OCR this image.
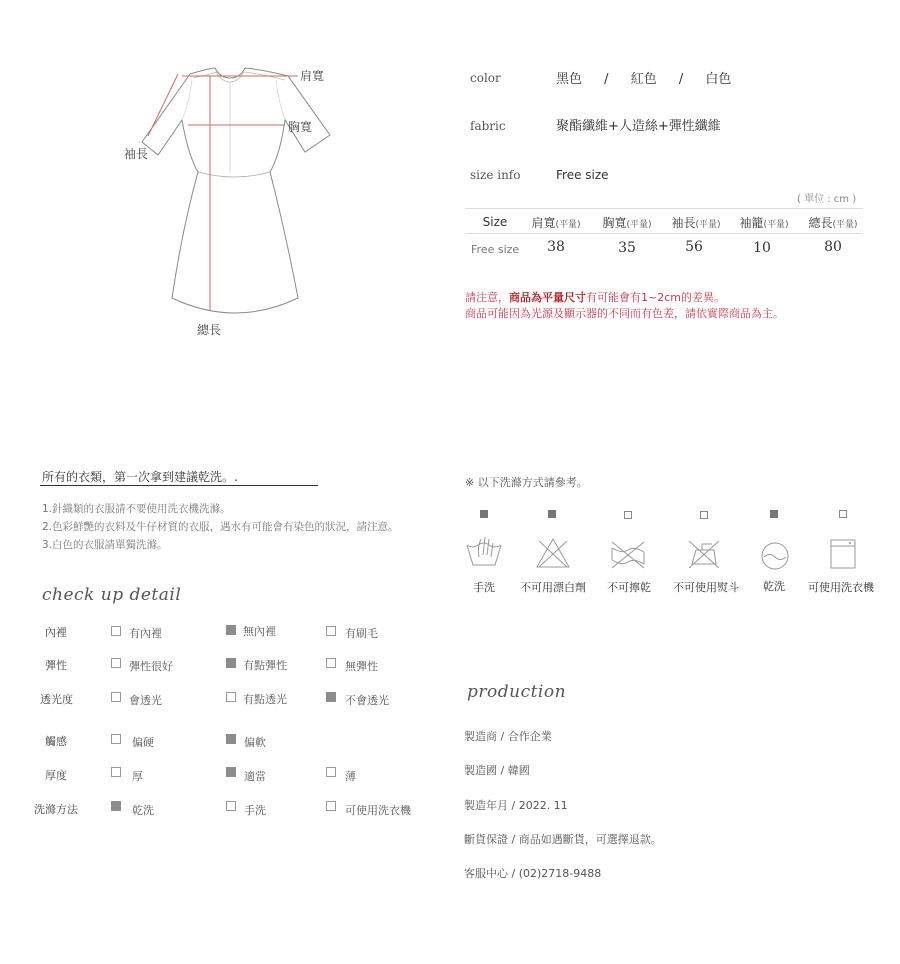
肩寬
胸寬
袖長
總長
color	黑色 / 紅色 / 白色
fabric	聚酯纖維+人造絲+彈性纖維
size info	Free size
( 單位 : cm )
Size	肩寬(平量)	胸寬(平量)	袖長(平量)	袖籠(平量)	總長(平量)
Free size	38	35	56	10	80
請注意，商品為平量尺寸有可能會有1~2cm的差異。
商品可能因為光源及顯示器的不同而有色差，請依實際商品為主。
所有的衣類，第一次拿到建議乾洗。.
1.針織類的衣服請不要使用洗衣機洗滌。
2.色彩鮮艷的衣料及牛仔材質的衣服，遇水有可能會有染色的狀況，請注意。
3.白色的衣服請單獨洗滌。
check up detail
內裡	有內裡	無內裡	有刷毛
彈性	彈性很好	有點彈性	無彈性
透光度	會透光	有點透光	不會透光
觸感	偏硬	偏軟
厚度	厚	適當	薄
洗滌方法	乾洗	手洗	可使用洗衣機
※ 以下洗滌方式請參考。
手洗	不可用漂白劑	不可擰乾	不可使用熨斗	乾洗	可使用洗衣機
production
製造商 / 合作企業
製造國 / 韓國
製造年月 / 2022. 11
斷貨保證 / 商品如遇斷貨，可選擇退款。
客服中心 / (02)2718-9488
